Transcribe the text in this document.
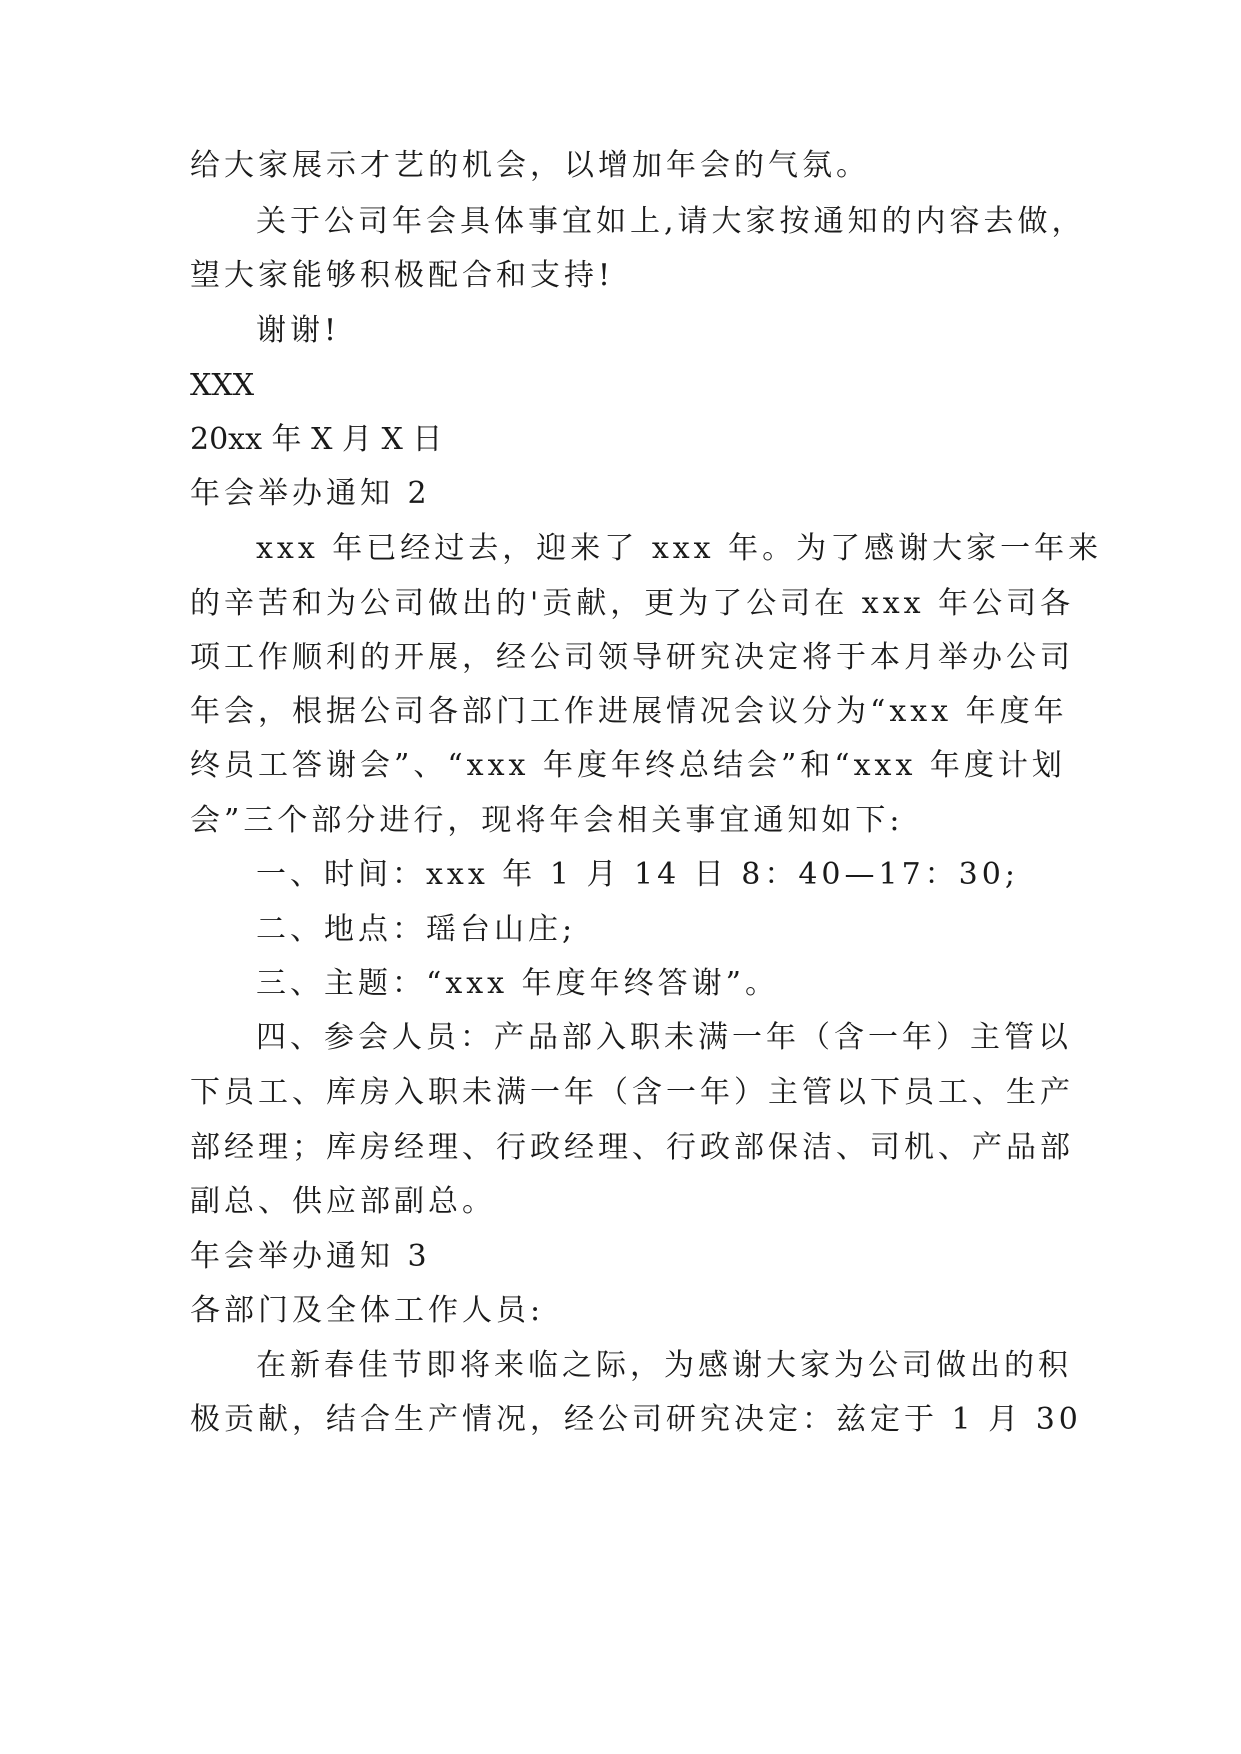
给大家展示才艺的机会，以增加年会的气氛。
关于公司年会具体事宜如上,请大家按通知的内容去做，
望大家能够积极配合和支持!
谢谢!
XXX
20xx 年 X 月 X 日
年会举办通知 2
xxx 年已经过去，迎来了 xxx 年。为了感谢大家一年来
的辛苦和为公司做出的'贡献，更为了公司在 xxx 年公司各
项工作顺利的开展，经公司领导研究决定将于本月举办公司
年会，根据公司各部门工作进展情况会议分为“xxx 年度年
终员工答谢会”、“xxx 年度年终总结会”和“xxx 年度计划
会”三个部分进行，现将年会相关事宜通知如下:
一、时间：xxx 年 1 月 14 日 8：40—17：30;
二、地点：瑶台山庄;
三、主题：“xxx 年度年终答谢”。
四、参会人员：产品部入职未满一年（含一年）主管以
下员工、库房入职未满一年（含一年）主管以下员工、生产
部经理；库房经理、行政经理、行政部保洁、司机、产品部
副总、供应部副总。
年会举办通知 3
各部门及全体工作人员:
在新春佳节即将来临之际，为感谢大家为公司做出的积
极贡献，结合生产情况，经公司研究决定：兹定于 1 月 30
